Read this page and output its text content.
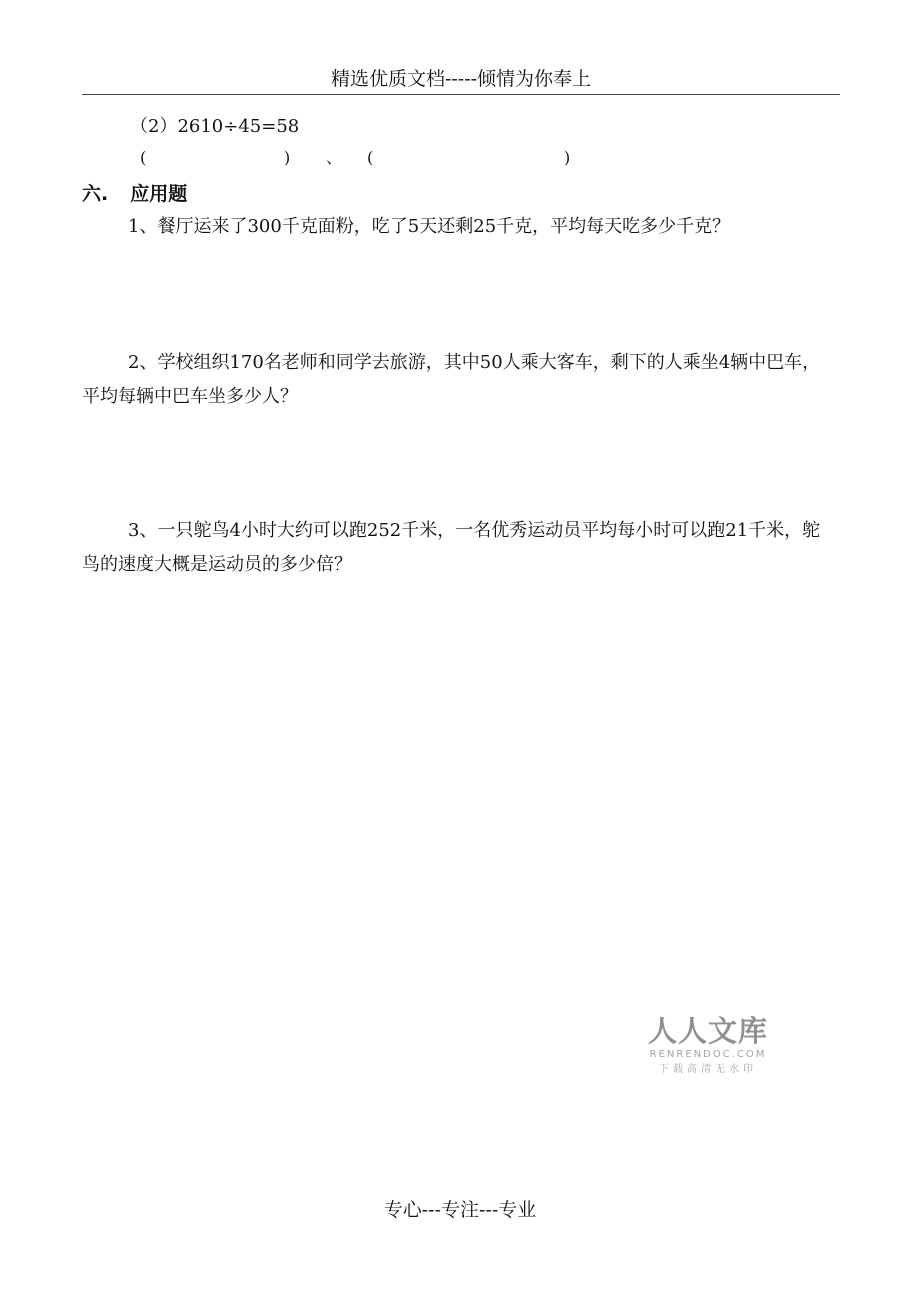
精选优质文档-----倾情为你奉上
（2）2610÷45=58
(	) 、 (	)
六. 应用题
1、餐厅运来了300千克面粉，吃了5天还剩25千克，平均每天吃多少千克？
2、学校组织170名老师和同学去旅游，其中50人乘大客车，剩下的人乘坐4辆中巴车，平均每辆中巴车坐多少人？
3、一只鸵鸟4小时大约可以跑252千米，一名优秀运动员平均每小时可以跑21千米，鸵鸟的速度大概是运动员的多少倍？
人人文库
RENRENDOC.COM
下载高清无水印
专心---专注---专业
